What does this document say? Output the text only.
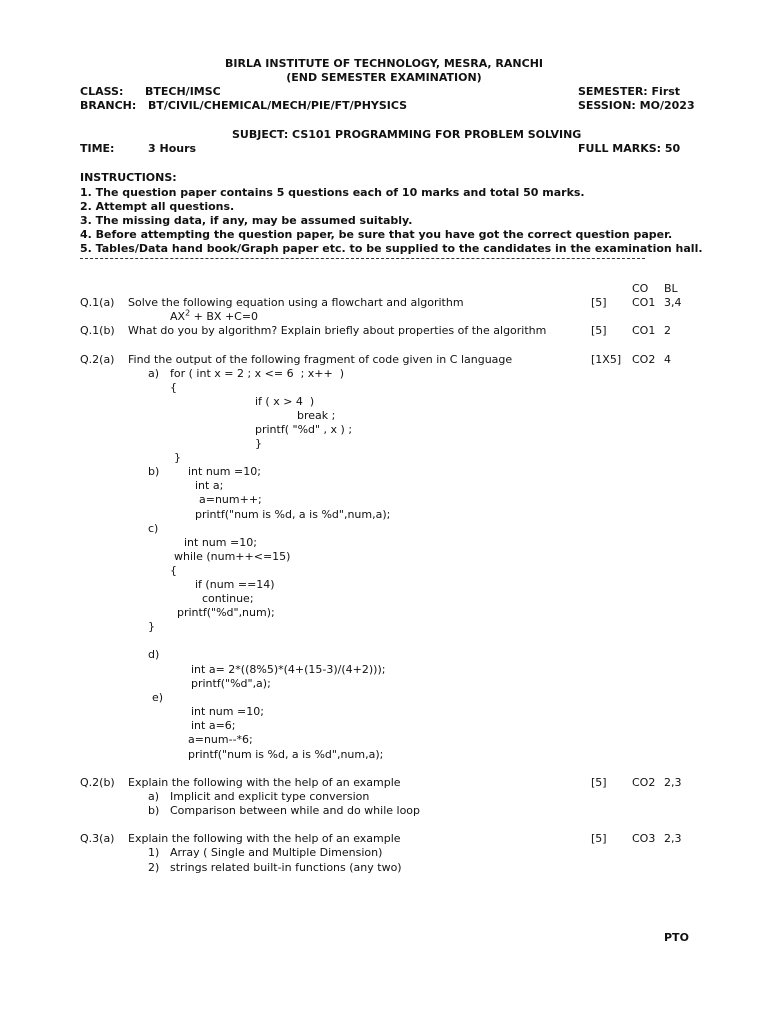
BIRLA INSTITUTE OF TECHNOLOGY, MESRA, RANCHI
(END SEMESTER EXAMINATION)
CLASS: BTECH/IMSC	SEMESTER: First
BRANCH: BT/CIVIL/CHEMICAL/MECH/PIE/FT/PHYSICS	SESSION: MO/2023
SUBJECT: CS101 PROGRAMMING FOR PROBLEM SOLVING
TIME:	3 Hours	FULL MARKS: 50
INSTRUCTIONS:
1. The question paper contains 5 questions each of 10 marks and total 50 marks.
2. Attempt all questions.
3. The missing data, if any, may be assumed suitably.
4. Before attempting the question paper, be sure that you have got the correct question paper.
5. Tables/Data hand book/Graph paper etc. to be supplied to the candidates in the examination hall.
CO BL
Q.1(a) Solve the following equation using a flowchart and algorithm	[5] CO1 3,4
$AX^2$ + BX +C=0
Q.1(b) What do you by algorithm? Explain briefly about properties of the algorithm	[5] CO1 2
Q.2(a) Find the output of the following fragment of code given in C language	[1X5] CO2 4
a) for ( int x = 2 ; x <= 6  ; x++  )
{
if ( x > 4  )
break ;
printf( "%d" , x ) ;
}
}
b)	int num =10;
int a;
a=num++;
printf("num is %d, a is %d",num,a);
c)
int num =10;
while (num++<=15)
{
if (num ==14)
continue;
printf("%d",num);
}
d)
int a= 2*((8%5)*(4+(15-3)/(4+2)));
printf("%d",a);
e)
int num =10;
int a=6;
a=num--*6;
printf("num is %d, a is %d",num,a);
Q.2(b) Explain the following with the help of an example	[5] CO2 2,3
a) Implicit and explicit type conversion
b) Comparison between while and do while loop
Q.3(a) Explain the following with the help of an example	[5] CO3 2,3
1) Array ( Single and Multiple Dimension)
2) strings related built-in functions (any two)
PTO
